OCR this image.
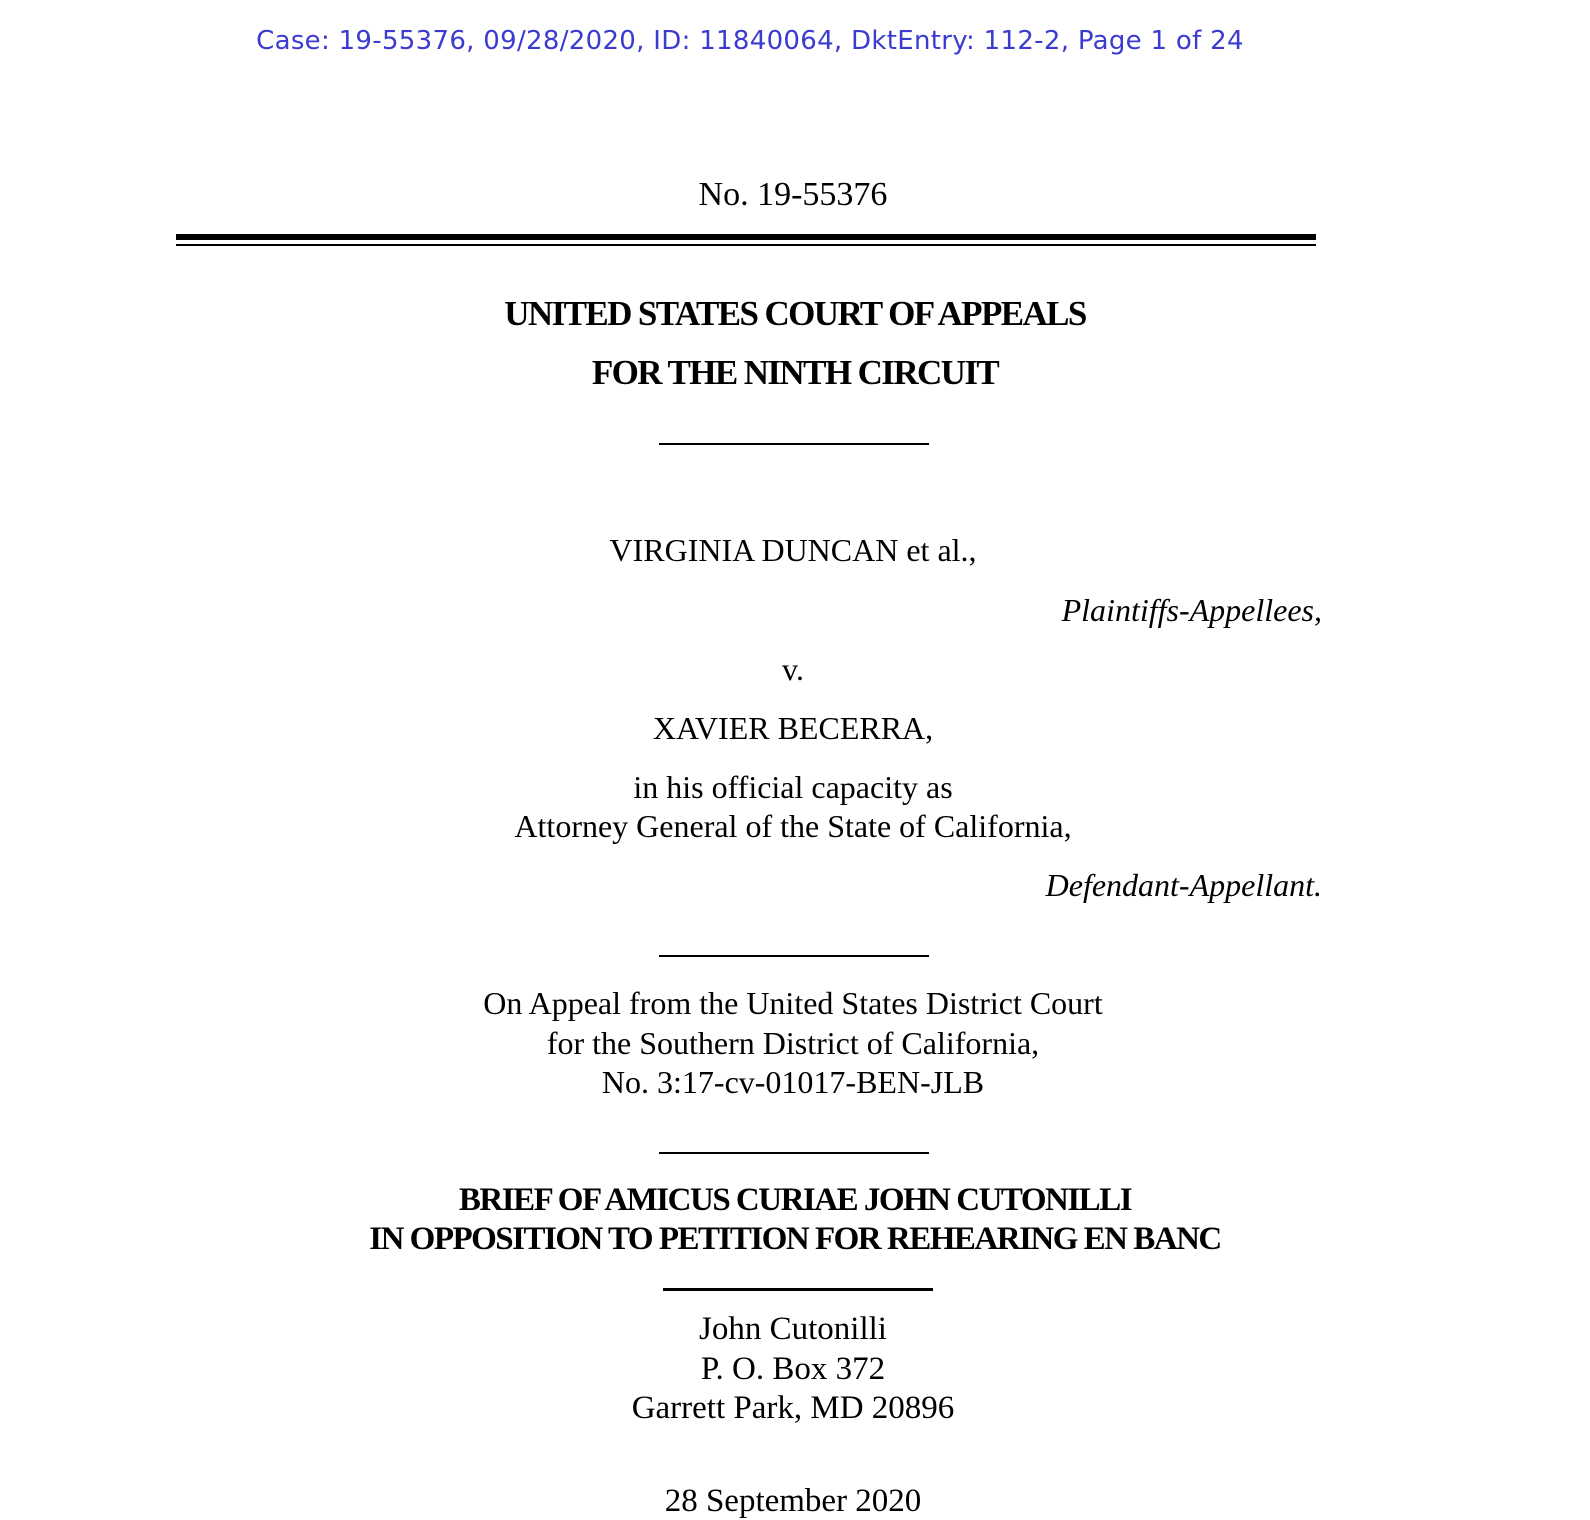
Case: 19-55376, 09/28/2020, ID: 11840064, DktEntry: 112-2, Page 1 of 24
No. 19-55376
UNITED STATES COURT OF APPEALS
FOR THE NINTH CIRCUIT
VIRGINIA DUNCAN et al.,
Plaintiffs-Appellees,
v.
XAVIER BECERRA,
in his official capacity as
Attorney General of the State of California,
Defendant-Appellant.
On Appeal from the United States District Court
for the Southern District of California,
No. 3:17-cv-01017-BEN-JLB
BRIEF OF AMICUS CURIAE JOHN CUTONILLI
IN OPPOSITION TO PETITION FOR REHEARING EN BANC
John Cutonilli
P. O. Box 372
Garrett Park, MD 20896
28 September 2020
